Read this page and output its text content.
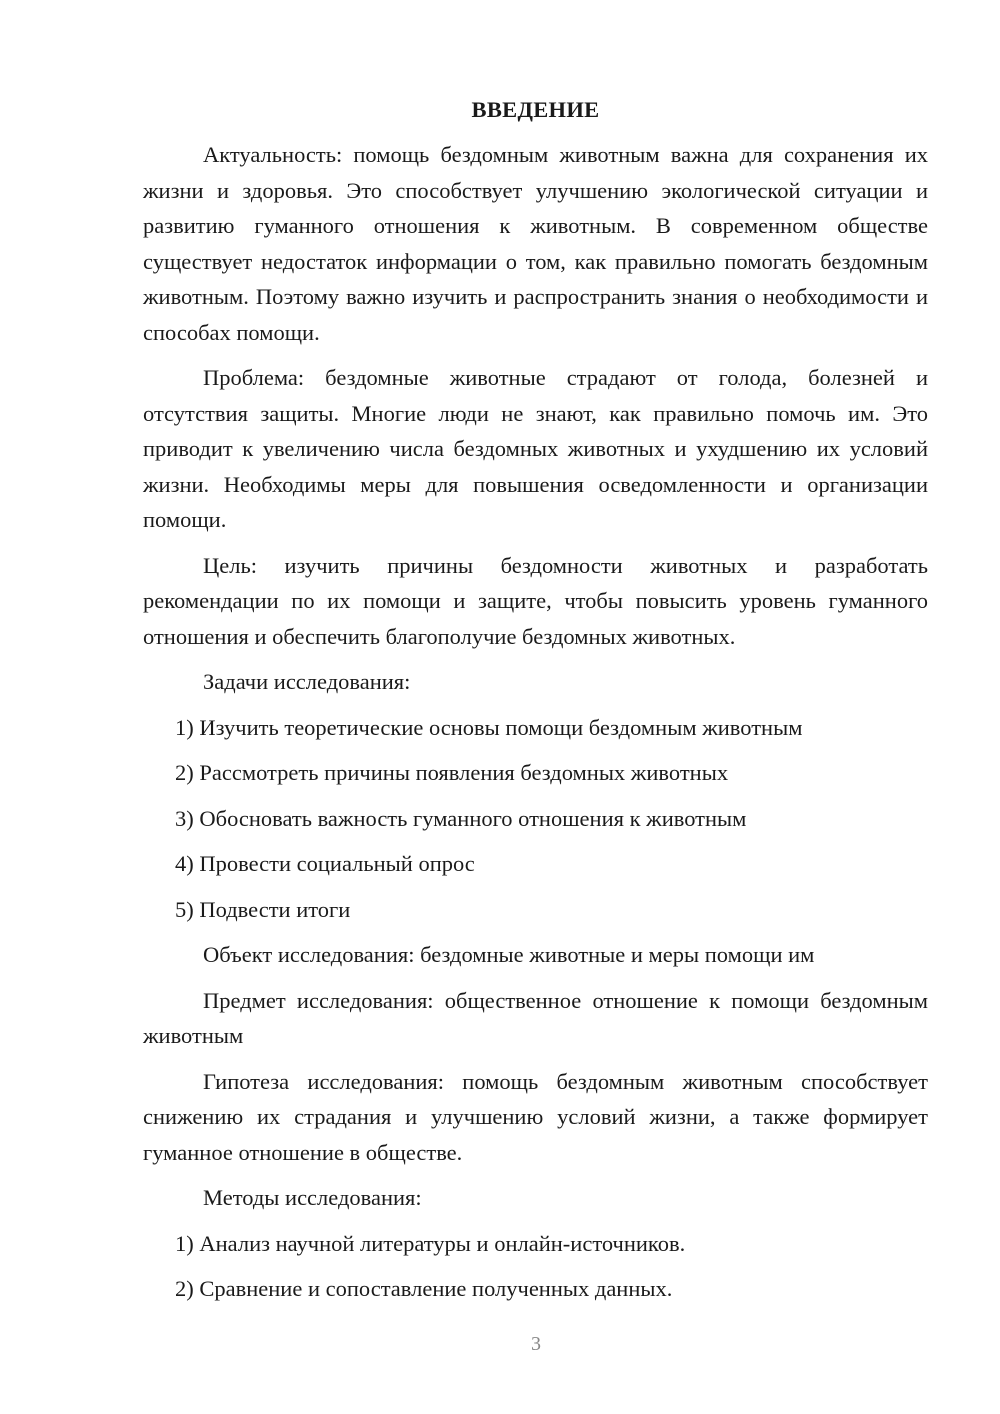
ВВЕДЕНИЕ

Актуальность: помощь бездомным животным важна для сохранения их жизни и здоровья. Это способствует улучшению экологической ситуации и развитию гуманного отношения к животным. В современном обществе существует недостаток информации о том, как правильно помогать бездомным животным. Поэтому важно изучить и распространить знания о необходимости и способах помощи.

Проблема: бездомные животные страдают от голода, болезней и отсутствия защиты. Многие люди не знают, как правильно помочь им. Это приводит к увеличению числа бездомных животных и ухудшению их условий жизни. Необходимы меры для повышения осведомленности и организации помощи.

Цель: изучить причины бездомности животных и разработать рекомендации по их помощи и защите, чтобы повысить уровень гуманного отношения и обеспечить благополучие бездомных животных.

Задачи исследования:
1) Изучить теоретические основы помощи бездомным животным
2) Рассмотреть причины появления бездомных животных
3) Обосновать важность гуманного отношения к животным
4) Провести социальный опрос
5) Подвести итоги
Объект исследования: бездомные животные и меры помощи им

Предмет исследования: общественное отношение к помощи бездомным животным

Гипотеза исследования: помощь бездомным животным способствует снижению их страдания и улучшению условий жизни, а также формирует гуманное отношение в обществе.

Методы исследования:
1) Анализ научной литературы и онлайн-источников.
2) Сравнение и сопоставление полученных данных.
3
